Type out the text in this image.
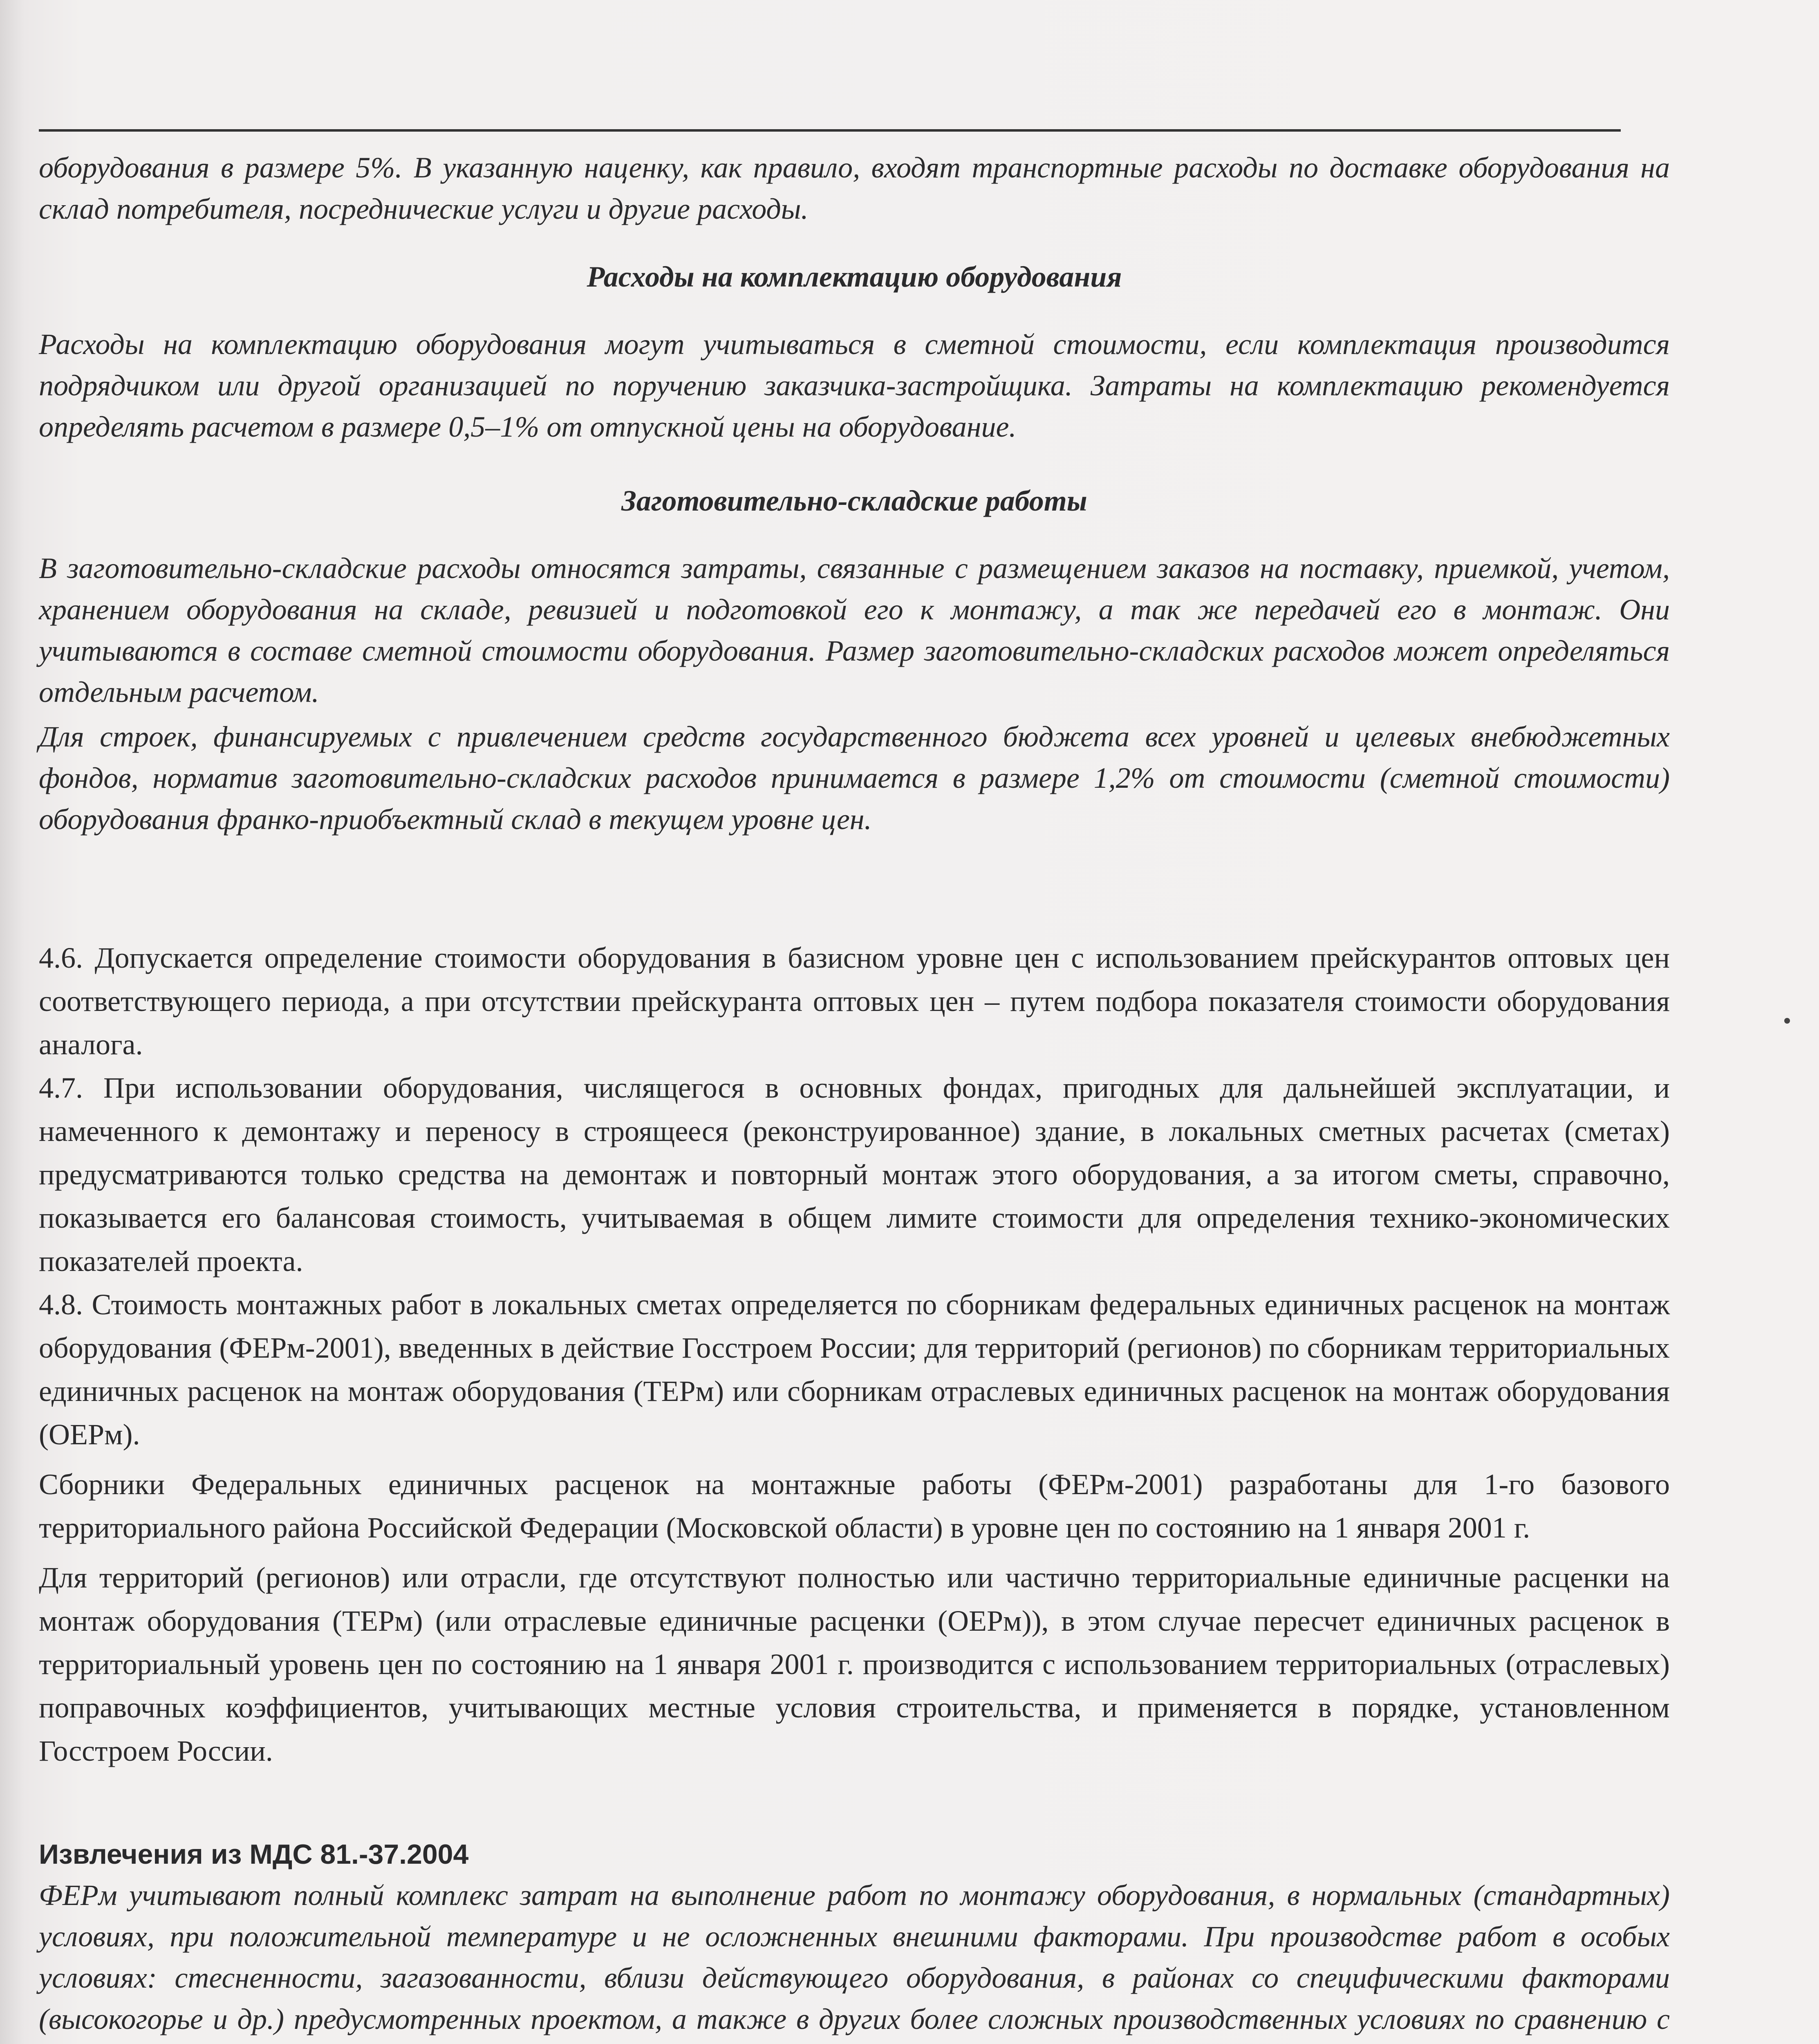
оборудования в размере 5%. В указанную наценку, как правило, входят транспортные расходы по доставке оборудования на склад потребителя, посреднические услуги и другие расходы.

Расходы на комплектацию оборудования

Расходы на комплектацию оборудования могут учитываться в сметной стоимости, если комплектация производится подрядчиком или другой организацией по поручению заказчика-застройщика. Затраты на комплектацию рекомендуется определять расчетом в размере 0,5–1% от отпускной цены на оборудование.

Заготовительно-складские работы

В заготовительно-складские расходы относятся затраты, связанные с размещением заказов на поставку, приемкой, учетом, хранением оборудования на складе, ревизией и подготовкой его к монтажу, а так же передачей его в монтаж. Они учитываются в составе сметной стоимости оборудования. Размер заготовительно-складских расходов может определяться отдельным расчетом.

Для строек, финансируемых с привлечением средств государственного бюджета всех уровней и целевых внебюджетных фондов, норматив заготовительно-складских расходов принимается в размере 1,2% от стоимости (сметной стоимости) оборудования франко-приобъектный склад в текущем уровне цен.

4.6. Допускается определение стоимости оборудования в базисном уровне цен с использованием прейскурантов оптовых цен соответствующего периода, а при отсутствии прейскуранта оптовых цен – путем подбора показателя стоимости оборудования аналога.

4.7. При использовании оборудования, числящегося в основных фондах, пригодных для дальнейшей эксплуатации, и намеченного к демонтажу и переносу в строящееся (реконструированное) здание, в локальных сметных расчетах (сметах) предусматриваются только средства на демонтаж и повторный монтаж этого оборудования, а за итогом сметы, справочно, показывается его балансовая стоимость, учитываемая в общем лимите стоимости для определения технико-экономических показателей проекта.

4.8. Стоимость монтажных работ в локальных сметах определяется по сборникам федеральных единичных расценок на монтаж оборудования (ФЕРм-2001), введенных в действие Госстроем России; для территорий (регионов) по сборникам территориальных единичных расценок на монтаж оборудования (ТЕРм) или сборникам отраслевых единичных расценок на монтаж оборудования (ОЕРм).

Сборники Федеральных единичных расценок на монтажные работы (ФЕРм-2001) разработаны для 1-го базового территориального района Российской Федерации (Московской области) в уровне цен по состоянию на 1 января 2001 г.

Для территорий (регионов) или отрасли, где отсутствуют полностью или частично территориальные единичные расценки на монтаж оборудования (ТЕРм) (или отраслевые единичные расценки (ОЕРм)), в этом случае пересчет единичных расценок в территориальный уровень цен по состоянию на 1 января 2001 г. производится с использованием территориальных (отраслевых) поправочных коэффициентов, учитывающих местные условия строительства, и применяется в порядке, установленном Госстроем России.

Извлечения из МДС 81.-37.2004

ФЕРм учитывают полный комплекс затрат на выполнение работ по монтажу оборудования, в нормальных (стандартных) условиях, при положительной температуре и не осложненных внешними факторами. При производстве работ в особых условиях: стесненности, загазованности, вблизи действующего оборудования, в районах со специфическими факторами (высокогорье и др.) предусмотренных проектом, а также в других более сложных производственных условиях по сравнению с
